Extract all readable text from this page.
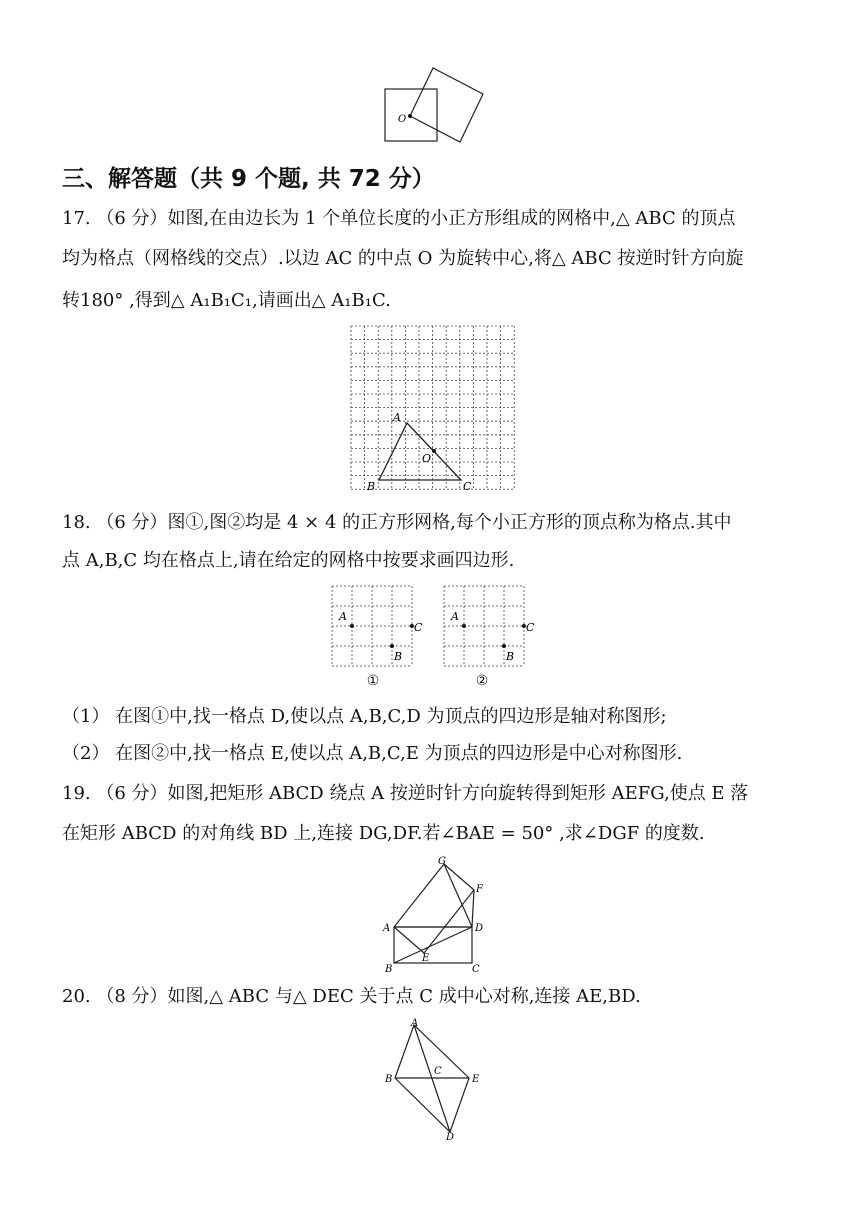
O
三、解答题（共 9 个题, 共 72 分）
17. （6 分）如图,在由边长为 1 个单位长度的小正方形组成的网格中,△ ABC 的顶点
均为格点（网格线的交点）.以边 AC 的中点 O 为旋转中心,将△ ABC 按逆时针方向旋
转180° ,得到△ A₁B₁C₁,请画出△ A₁B₁C.
A
B	C
O
18. （6 分）图①,图②均是 4 × 4 的正方形网格,每个小正方形的顶点称为格点.其中
点 A,B,C 均在格点上,请在给定的网格中按要求画四边形.
A
B
C
①
A
B
C
②
（1） 在图①中,找一格点 D,使以点 A,B,C,D 为顶点的四边形是轴对称图形;
（2） 在图②中,找一格点 E,使以点 A,B,C,E 为顶点的四边形是中心对称图形.
19. （6 分）如图,把矩形 ABCD 绕点 A 按逆时针方向旋转得到矩形 AEFG,使点 E 落
在矩形 ABCD 的对角线 BD 上,连接 DG,DF.若∠BAE = 50° ,求∠DGF 的度数.
G
F
A	D
B
E
C
20. （8 分）如图,△ ABC 与△ DEC 关于点 C 成中心对称,连接 AE,BD.
A
B
C
E
D
